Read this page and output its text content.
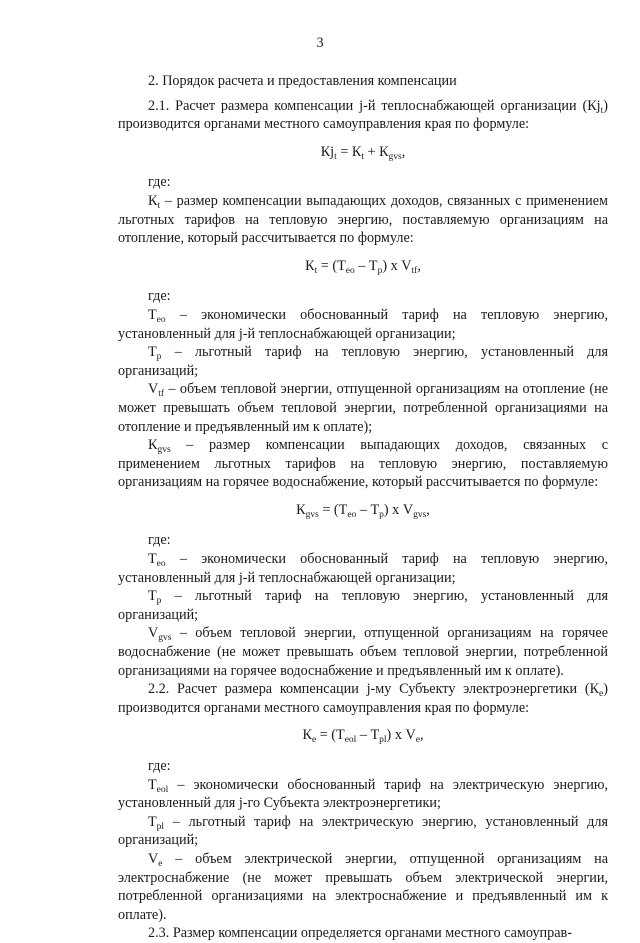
3

2. Порядок расчета и предоставления компенсации

2.1. Расчет размера компенсации j-й теплоснабжающей организации $(Кj_t)$ производится органами местного самоуправления края по формуле:

$Кj_t = К_t + К_{gvs}$,

где:

$К_t$ – размер компенсации выпадающих доходов, связанных с применением льготных тарифов на тепловую энергию, поставляемую организациям на отопление, который рассчитывается по формуле:

$К_t = (Т_{eo} - Т_p)$ х $V_{tf}$,

где:

$Т_{eo}$ – экономически обоснованный тариф на тепловую энергию, установленный для j-й теплоснабжающей организации;

$Т_p$ – льготный тариф на тепловую энергию, установленный для организаций;

$V_{tf}$ – объем тепловой энергии, отпущенной организациям на отопление (не может превышать объем тепловой энергии, потребленной организациями на отопление и предъявленный им к оплате);

$К_{gvs}$ – размер компенсации выпадающих доходов, связанных с применением льготных тарифов на тепловую энергию, поставляемую организациям на горячее водоснабжение, который рассчитывается по формуле:

$К_{gvs} = (Т_{eo} - Т_p)$ х $V_{gvs}$,

где:

$Т_{eo}$ – экономически обоснованный тариф на тепловую энергию, установленный для j-й теплоснабжающей организации;

$Т_p$ – льготный тариф на тепловую энергию, установленный для организаций;

$V_{gvs}$ – объем тепловой энергии, отпущенной организациям на горячее водоснабжение (не может превышать объем тепловой энергии, потребленной организациями на горячее водоснабжение и предъявленный им к оплате).

2.2. Расчет размера компенсации j-му Субъекту электроэнергетики $(К_e)$ производится органами местного самоуправления края по формуле:

$К_e = (Т_{eol} - Т_{pl})$ х $V_e$,

где:

$Т_{eol}$ – экономически обоснованный тариф на электрическую энергию, установленный для j-го Субъекта электроэнергетики;

$Т_{pl}$ – льготный тариф на электрическую энергию, установленный для организаций;

$V_e$ – объем электрической энергии, отпущенной организациям на электроснабжение (не может превышать объем электрической энергии, потребленной организациями на электроснабжение и предъявленный им к оплате).

2.3. Размер компенсации определяется органами местного самоуправ-
